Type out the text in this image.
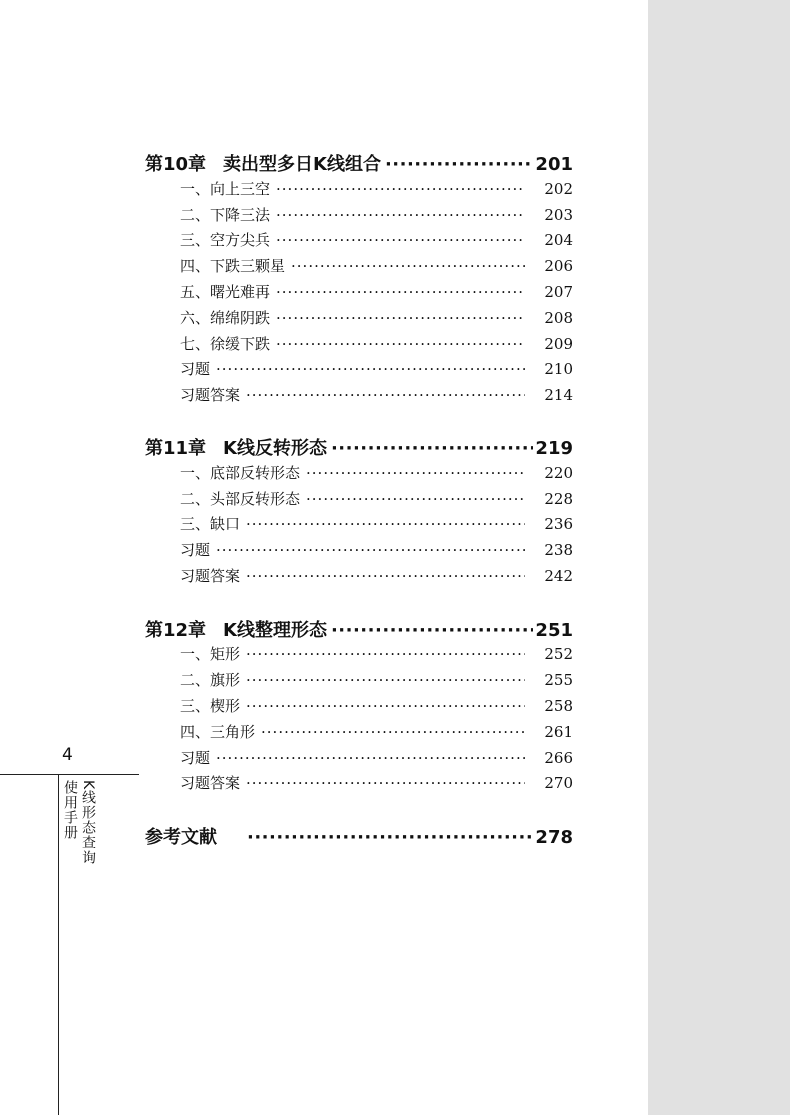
第10章 卖出型多日K线组合 ·····	201
一、向上三空 ·····	202
二、下降三法 ·····	203
三、空方尖兵 ·····	204
四、下跌三颗星 ·····	206
五、曙光难再 ·····	207
六、绵绵阴跌 ·····	208
七、徐缓下跌 ·····	209
习题 ·····	210
习题答案 ·····	214
第11章 K线反转形态 ·····	219
一、底部反转形态 ·····	220
二、头部反转形态 ·····	228
三、缺口 ·····	236
习题 ·····	238
习题答案 ·····	242
第12章 K线整理形态 ·····	251
一、矩形 ·····	252
二、旗形 ·····	255
三、楔形 ·····	258
四、三角形 ·····	261
习题 ·····	266
习题答案 ·····	270
参考文献 ·····	278
4
K线形态查询
使用手册
